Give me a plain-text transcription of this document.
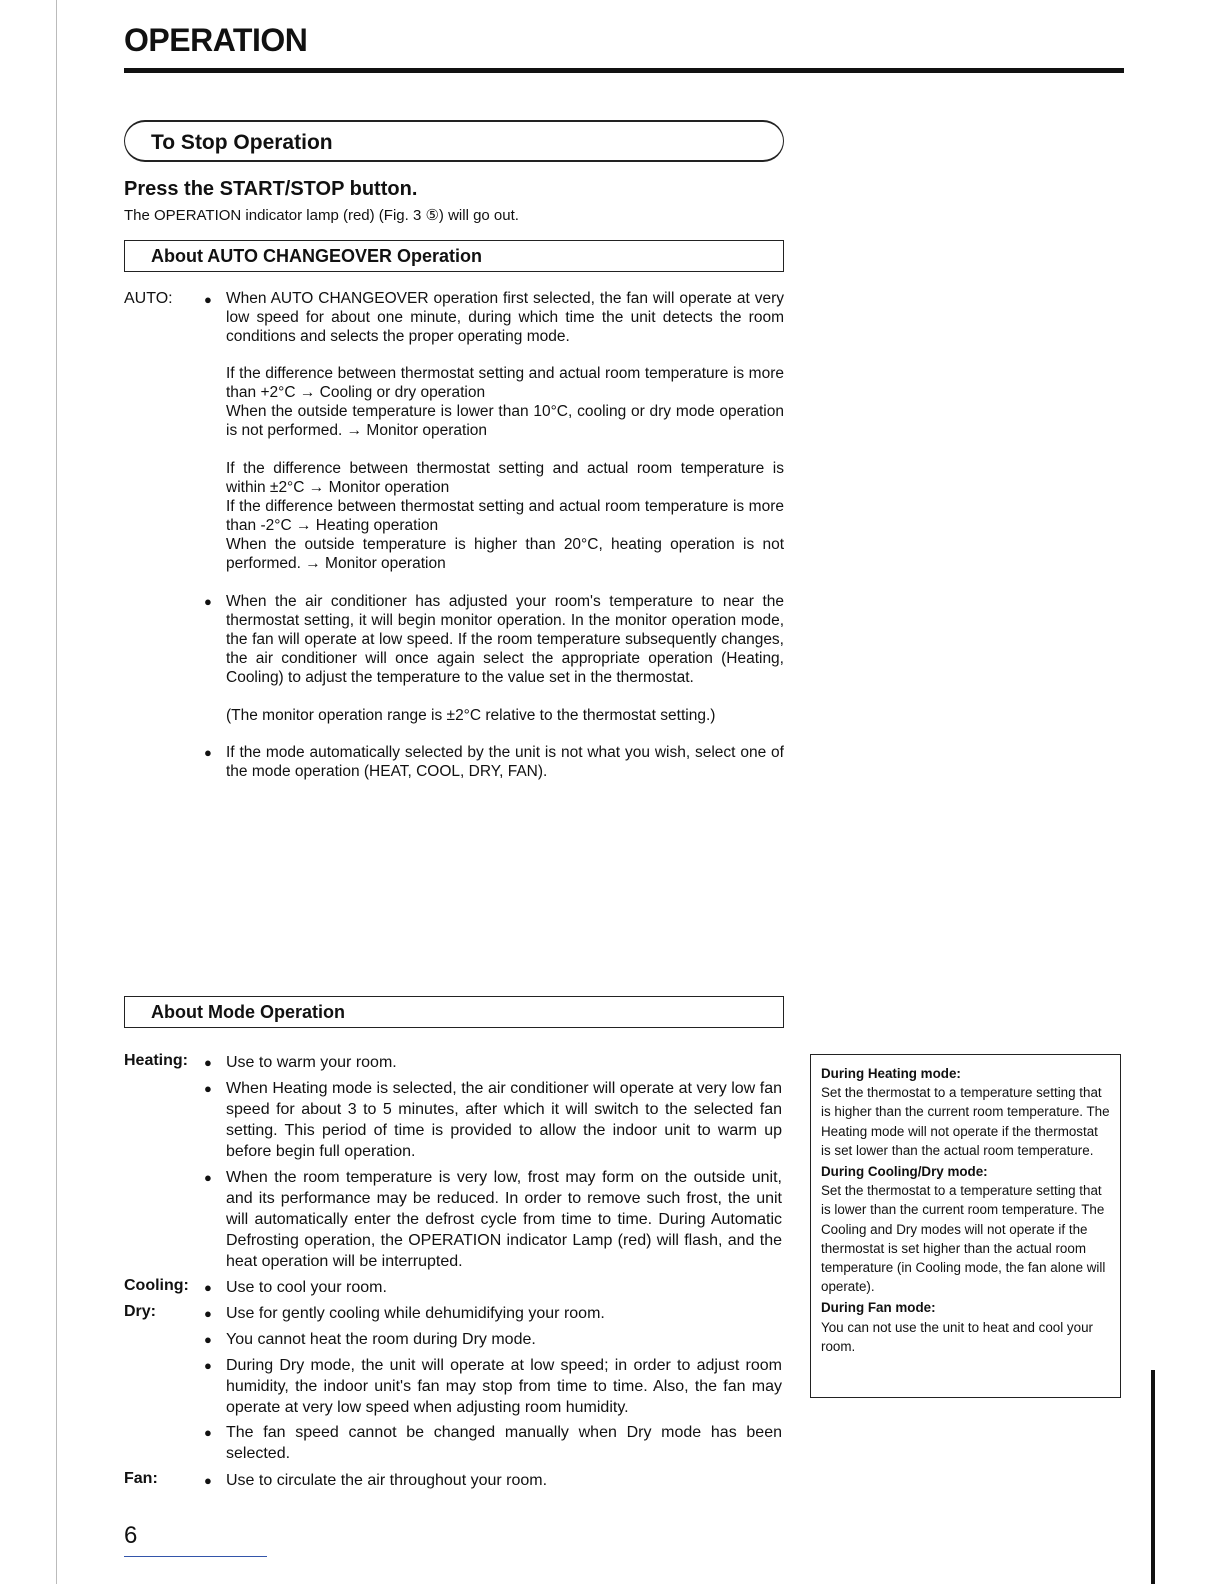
OPERATION
To Stop Operation
Press the START/STOP button.
The OPERATION indicator lamp (red) (Fig. 3 ⑤) will go out.
About AUTO CHANGEOVER Operation
AUTO: ● When AUTO CHANGEOVER operation first selected, the fan will operate at very low speed for about one minute, during which time the unit detects the room conditions and selects the proper operating mode.
If the difference between thermostat setting and actual room temperature is more than +2°C → Cooling or dry operation
When the outside temperature is lower than 10°C, cooling or dry mode operation is not performed. → Monitor operation
If the difference between thermostat setting and actual room temperature is within ±2°C → Monitor operation
If the difference between thermostat setting and actual room temperature is more than -2°C → Heating operation
When the outside temperature is higher than 20°C, heating operation is not performed. → Monitor operation
● When the air conditioner has adjusted your room's temperature to near the thermostat setting, it will begin monitor operation. In the monitor operation mode, the fan will operate at low speed. If the room temperature subsequently changes, the air conditioner will once again select the appropriate operation (Heating, Cooling) to adjust the temperature to the value set in the thermostat.
(The monitor operation range is ±2°C relative to the thermostat setting.)
● If the mode automatically selected by the unit is not what you wish, select one of the mode operation (HEAT, COOL, DRY, FAN).
About Mode Operation
Heating: ● Use to warm your room.
● When Heating mode is selected, the air conditioner will operate at very low fan speed for about 3 to 5 minutes, after which it will switch to the selected fan setting. This period of time is provided to allow the indoor unit to warm up before begin full operation.
● When the room temperature is very low, frost may form on the outside unit, and its performance may be reduced. In order to remove such frost, the unit will automatically enter the defrost cycle from time to time. During Automatic Defrosting operation, the OPERATION indicator Lamp (red) will flash, and the heat operation will be interrupted.
Cooling: ● Use to cool your room.
Dry:	● Use for gently cooling while dehumidifying your room.
● You cannot heat the room during Dry mode.
● During Dry mode, the unit will operate at low speed; in order to adjust room humidity, the indoor unit's fan may stop from time to time. Also, the fan may operate at very low speed when adjusting room humidity.
● The fan speed cannot be changed manually when Dry mode has been selected.
Fan:	● Use to circulate the air throughout your room.
During Heating mode:
Set the thermostat to a temperature setting that is higher than the current room temperature. The Heating mode will not operate if the thermostat is set lower than the actual room temperature.
During Cooling/Dry mode:
Set the thermostat to a temperature setting that is lower than the current room temperature. The Cooling and Dry modes will not operate if the thermostat is set higher than the actual room temperature (in Cooling mode, the fan alone will operate).
During Fan mode:
You can not use the unit to heat and cool your room.
6
